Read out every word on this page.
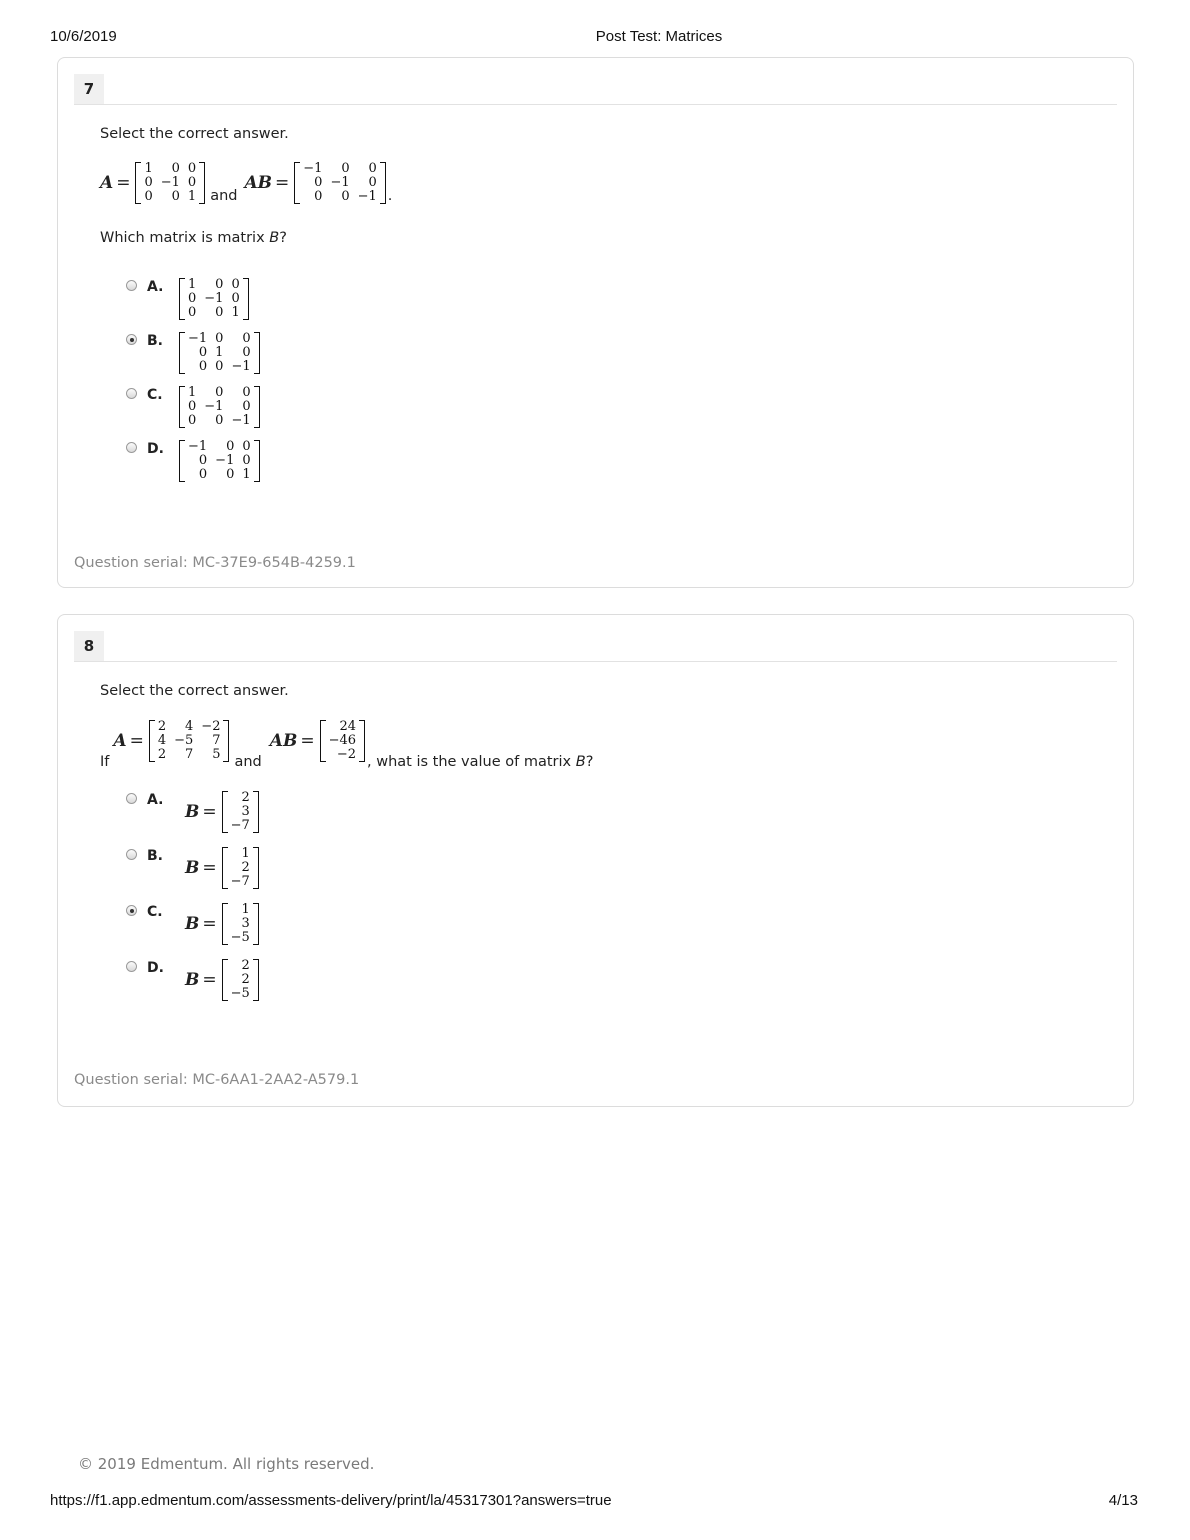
10/6/2019	Post Test: Matrices
7
Select the correct answer.
A =
1	0	0
0	−1	0
0	0	1 and
AB =
−1	0	0
0	−1	0
0	0	−1 .
Which matrix is matrix B?
A.	1	0	0
0	−1	0
0	0	1
B.	−1	0	0
0	1	0
0	0	−1
C.	1	0	0
0	−1	0
0	0	−1
D.	−1	0	0
0	−1	0
0	0	1
Question serial: MC-37E9-654B-4259.1
8
Select the correct answer.
If
A =
2	4	−2
4	−5	7
2	7	5 and
AB =
24
−46
−2 , what is the value of matrix B?
A.
B =
2
3
−7
B.
B =
1
2
−7
C.
B =
1
3
−5
D.
B =
2
2
−5
Question serial: MC-6AA1-2AA2-A579.1
© 2019 Edmentum. All rights reserved.
https://f1.app.edmentum.com/assessments-delivery/print/la/45317301?answers=true	4/13
